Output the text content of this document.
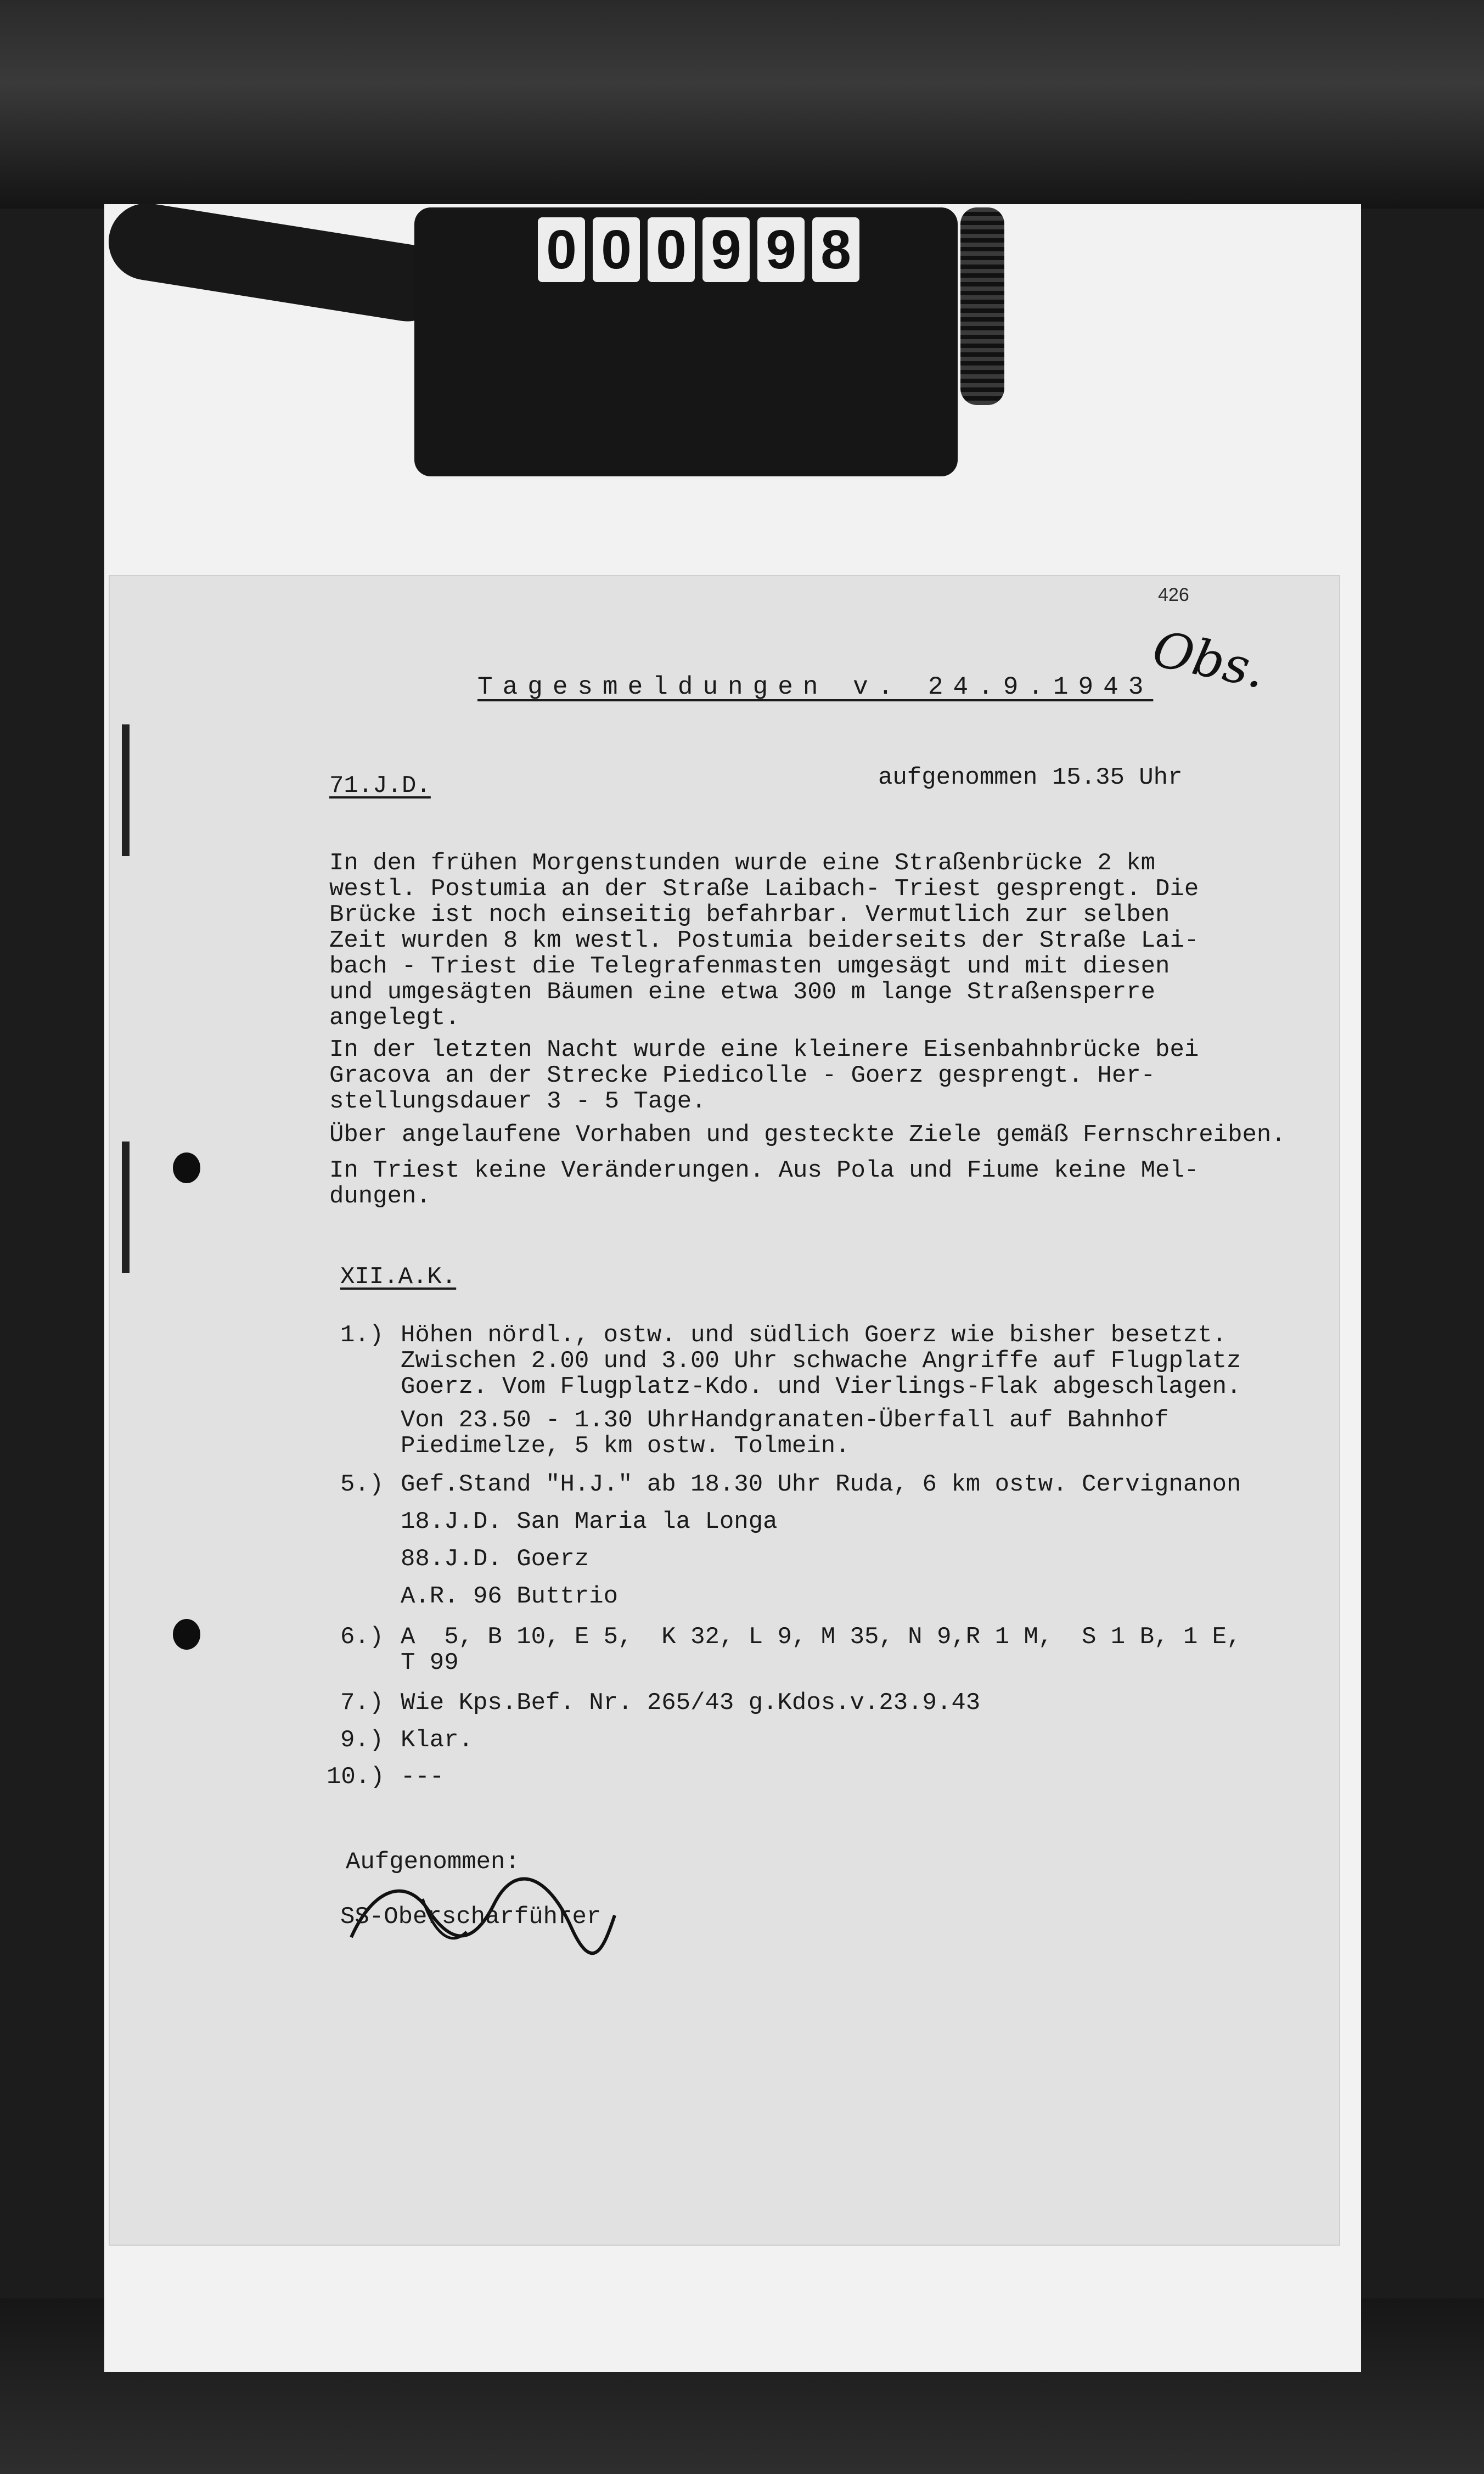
0 0 0 9 9 8
426
Obs.
Tagesmeldungen v. 24.9.1943
71.J.D.	aufgenommen 15.35 Uhr
In den frühen Morgenstunden wurde eine Straßenbrücke 2 km
westl. Postumia an der Straße Laibach- Triest gesprengt. Die
Brücke ist noch einseitig befahrbar. Vermutlich zur selben
Zeit wurden 8 km westl. Postumia beiderseits der Straße Lai-
bach - Triest die Telegrafenmasten umgesägt und mit diesen
und umgesägten Bäumen eine etwa 300 m lange Straßensperre
angelegt.
In der letzten Nacht wurde eine kleinere Eisenbahnbrücke bei
Gracova an der Strecke Piedicolle - Goerz gesprengt. Her-
stellungsdauer 3 - 5 Tage.
Über angelaufene Vorhaben und gesteckte Ziele gemäß Fernschreiben.
In Triest keine Veränderungen. Aus Pola und Fiume keine Mel-
dungen.
XII.A.K.
1.) Höhen nördl., ostw. und südlich Goerz wie bisher besetzt.
Zwischen 2.00 und 3.00 Uhr schwache Angriffe auf Flugplatz
Goerz. Vom Flugplatz-Kdo. und Vierlings-Flak abgeschlagen.
Von 23.50 - 1.30 UhrHandgranaten-Überfall auf Bahnhof
Piedimelze, 5 km ostw. Tolmein.
5.) Gef.Stand "H.J." ab 18.30 Uhr Ruda, 6 km ostw. Cervignanon
18.J.D. San Maria la Longa
88.J.D. Goerz
A.R. 96 Buttrio
6.) A  5, B 10, E 5,  K 32, L 9, M 35, N 9,R 1 M,  S 1 B, 1 E,
T 99
7.) Wie Kps.Bef. Nr. 265/43 g.Kdos.v.23.9.43
9.) Klar.
10.) ---
Aufgenommen:
SS-Oberscharführer
